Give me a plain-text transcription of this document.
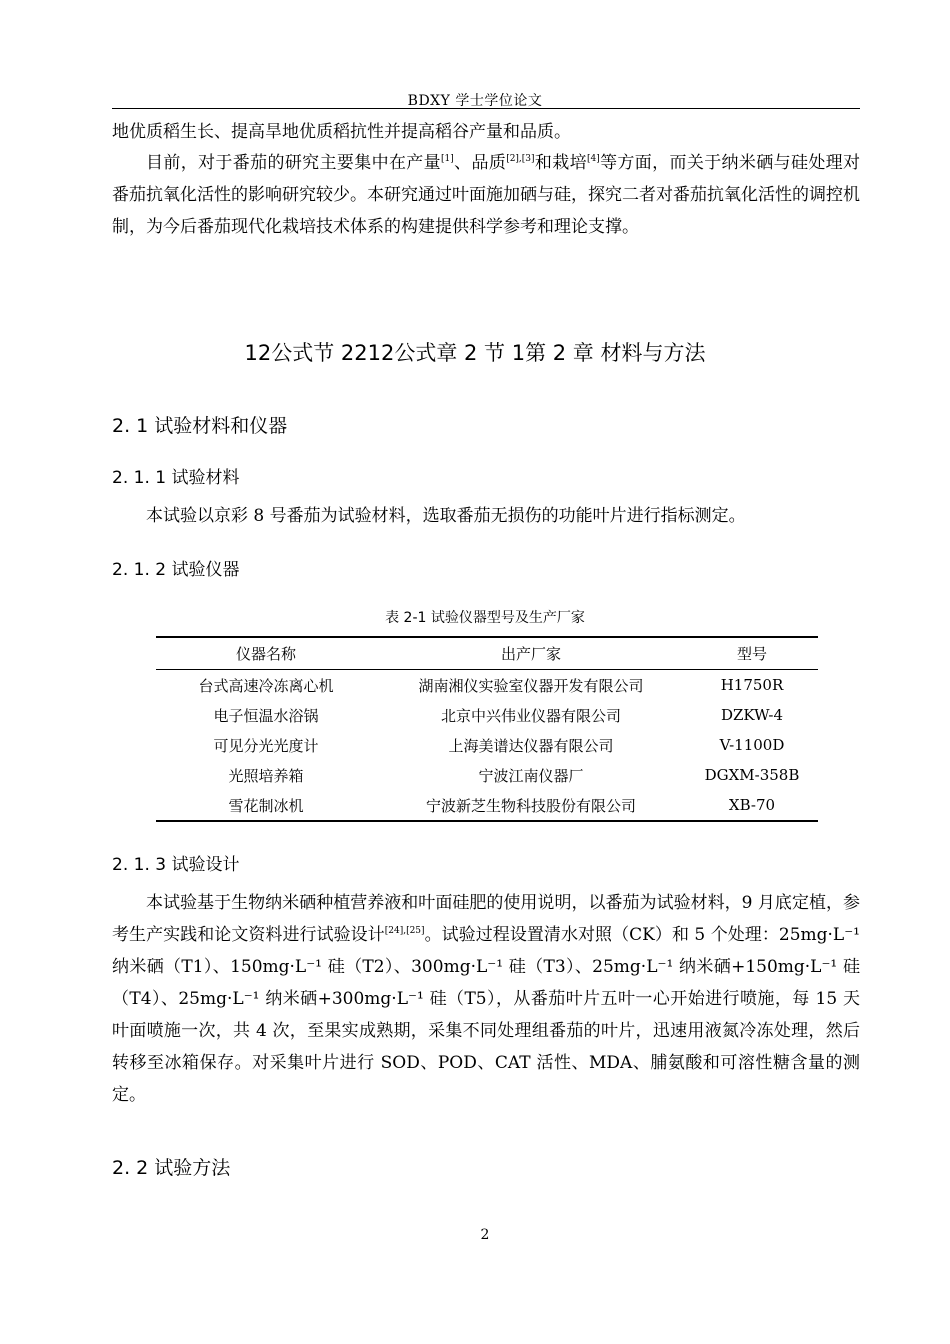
BDXY 学士学位论文

地优质稻生长、提高旱地优质稻抗性并提高稻谷产量和品质。

目前，对于番茄的研究主要集中在产量[1]、品质[2],[3]和栽培[4]等方面，而关于纳米硒与硅处理对番茄抗氧化活性的影响研究较少。本研究通过叶面施加硒与硅，探究二者对番茄抗氧化活性的调控机制，为今后番茄现代化栽培技术体系的构建提供科学参考和理论支撑。

12公式节 2212公式章 2 节 1第 2 章 材料与方法
2. 1 试验材料和仪器
2. 1. 1 试验材料

本试验以京彩 8 号番茄为试验材料，选取番茄无损伤的功能叶片进行指标测定。

2. 1. 2 试验仪器
表 2-1 试验仪器型号及生产厂家
仪器名称	出产厂家	型号
台式高速冷冻离心机	湖南湘仪实验室仪器开发有限公司	H1750R
电子恒温水浴锅	北京中兴伟业仪器有限公司	DZKW-4
可见分光光度计	上海美谱达仪器有限公司	V-1100D
光照培养箱	宁波江南仪器厂	DGXM-358B
雪花制冰机	宁波新芝生物科技股份有限公司	XB-70
2. 1. 3 试验设计

本试验基于生物纳米硒种植营养液和叶面硅肥的使用说明，以番茄为试验材料，9 月底定植，参考生产实践和论文资料进行试验设计[24],[25]。试验过程设置清水对照（CK）和 5 个处理：25mg·L⁻¹ 纳米硒（T1）、150mg·L⁻¹ 硅（T2）、300mg·L⁻¹ 硅（T3）、25mg·L⁻¹ 纳米硒+150mg·L⁻¹ 硅（T4）、25mg·L⁻¹ 纳米硒+300mg·L⁻¹ 硅（T5），从番茄叶片五叶一心开始进行喷施，每 15 天叶面喷施一次，共 4 次，至果实成熟期，采集不同处理组番茄的叶片，迅速用液氮冷冻处理，然后转移至冰箱保存。对采集叶片进行 SOD、POD、CAT 活性、MDA、脯氨酸和可溶性糖含量的测定。

2. 2 试验方法
2
